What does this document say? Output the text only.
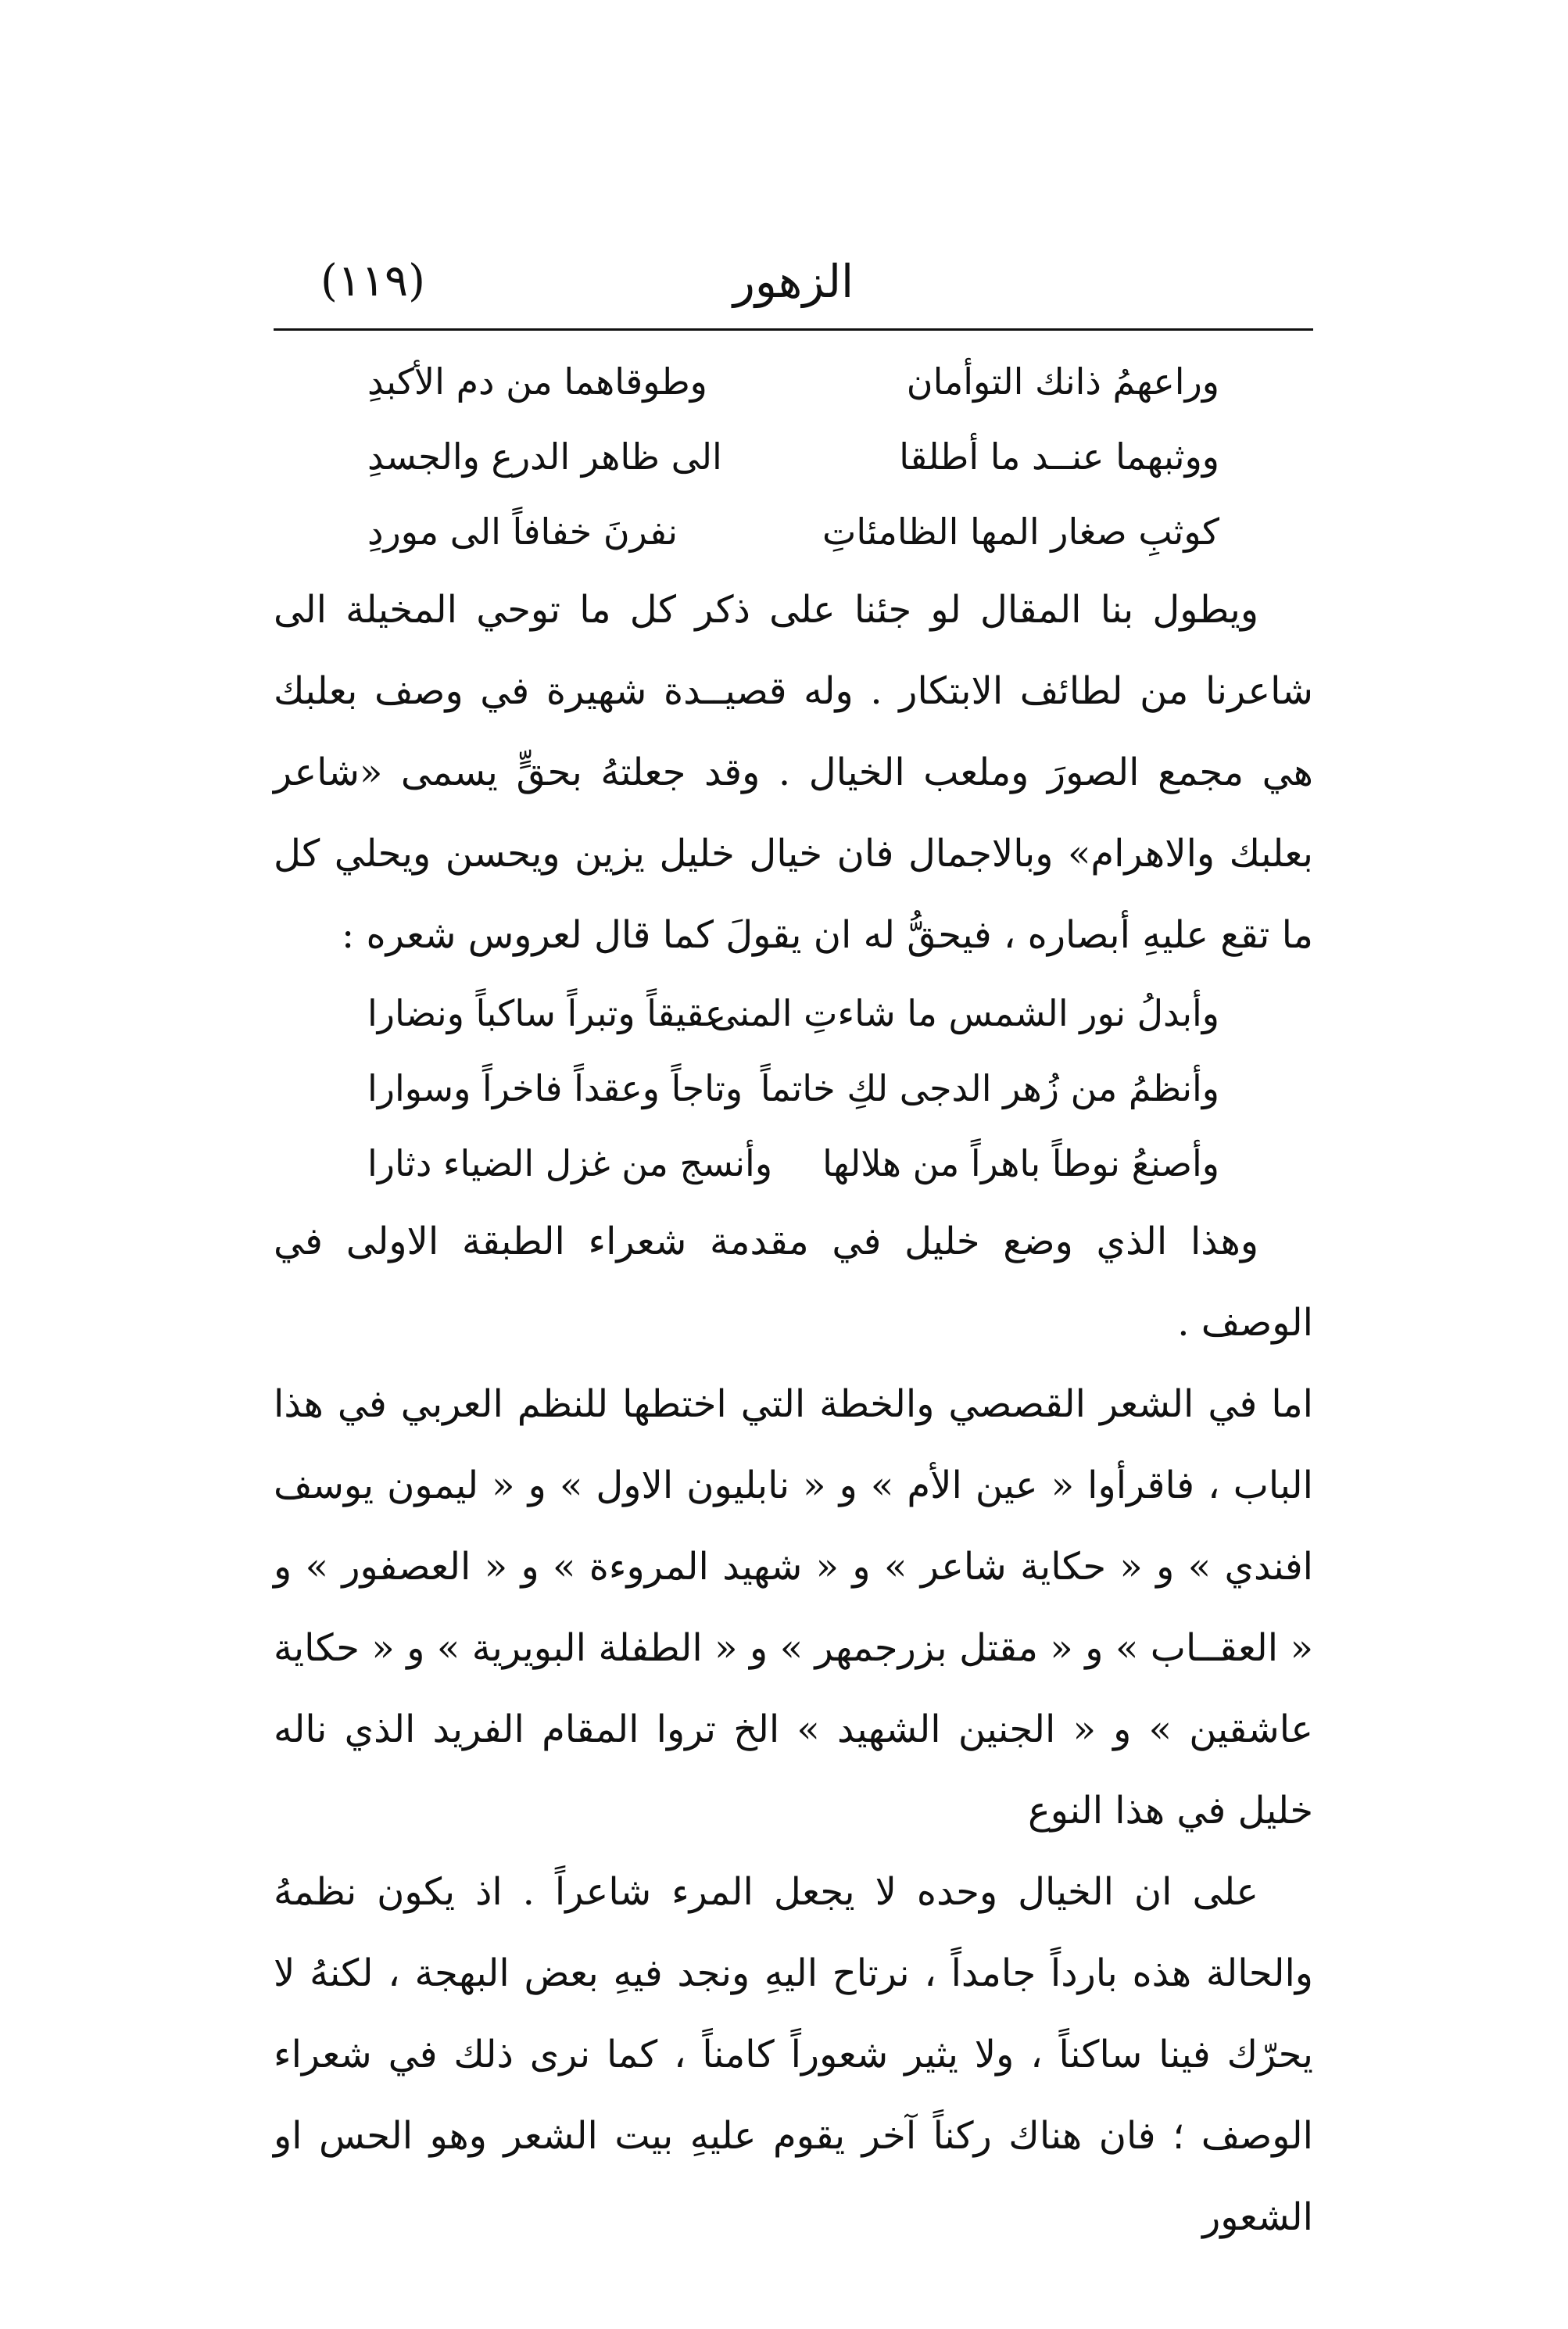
(١١٩)	الزهور
وراعهمُ ذانك التوأمان
وطوقاهما من دم الأكبدِ
ووثبهما عنــد ما أطلقا
الى ظاهر الدرع والجسدِ
كوثبِ صغار المها الظامئاتِ
نفرنَ خفافاً الى موردِ

ويطول بنا المقال لو جئنا على ذكر كل ما توحي المخيلة الى شاعرنا من لطائف الابتكار . وله قصيــدة شهيرة في وصف بعلبك هي مجمع الصورَ وملعب الخيال . وقد جعلتهُ بحقٍّ يسمى «شاعر بعلبك والاهرام» وبالاجمال فان خيال خليل يزين ويحسن ويحلي كل ما تقع عليهِ أبصاره ، فيحقُّ له ان يقولَ كما قال لعروس شعره :

وأبدلُ نور الشمس ما شاءتِ المنى
عقيقاً وتبراً ساكباً ونضارا
وأنظمُ من زُهر الدجى لكِ خاتماً
وتاجاً وعقداً فاخراً وسوارا
وأصنعُ نوطاً باهراً من هلالها
وأنسج من غزل الضياء دثارا

وهذا الذي وضع خليل في مقدمة شعراء الطبقة الاولى في الوصف .

اما في الشعر القصصي والخطة التي اختطها للنظم العربي في هذا الباب ، فاقرأوا « عين الأم » و « نابليون الاول » و « ليمون يوسف افندي » و « حكاية شاعر » و « شهيد المروءة » و « العصفور » و « العقــاب » و « مقتل بزرجمهر » و « الطفلة البويرية » و « حكاية عاشقين » و « الجنين الشهيد » الخ تروا المقام الفريد الذي ناله خليل في هذا النوع

على ان الخيال وحده لا يجعل المرء شاعراً . اذ يكون نظمهُ والحالة هذه بارداً جامداً ، نرتاح اليهِ ونجد فيهِ بعض البهجة ، لكنهُ لا يحرّك فينا ساكناً ، ولا يثير شعوراً كامناً ، كما نرى ذلك في شعراء الوصف ؛ فان هناك ركناً آخر يقوم عليهِ بيت الشعر وهو الحس او الشعور
